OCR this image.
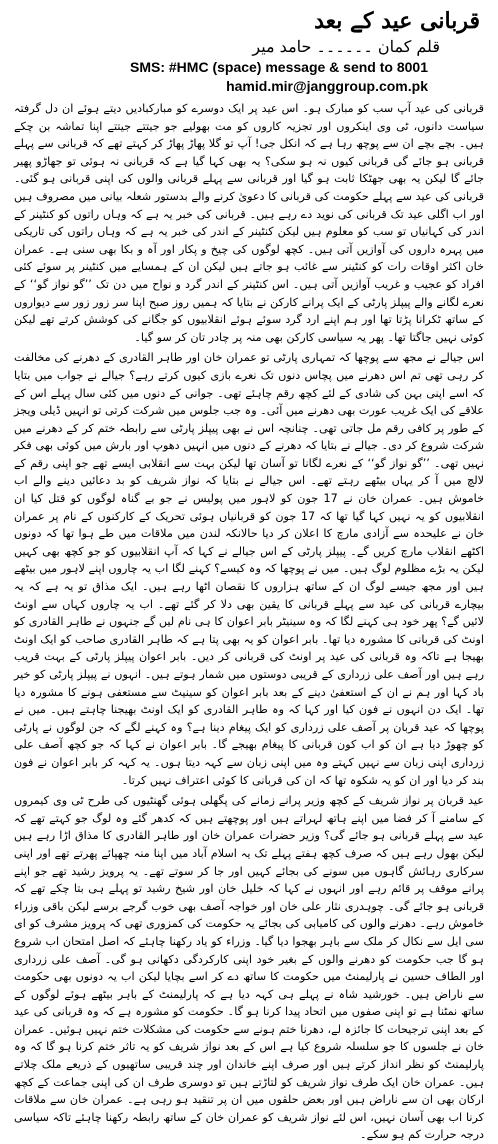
قربانی عید کے بعد
قلم کمان ۔۔۔۔۔۔ حامد میر
SMS: #HMC (space) message & send to 8001
hamid.mir@janggroup.com.pk

قربانی کی عید آپ سب کو مبارک ہو۔ اس عید پر ایک دوسرے کو مبارکبادیں دیتے ہوئے ان دل گرفتہ سیاست دانوں، ٹی وی اینکروں اور تجزیہ کاروں کو مت بھولیے جو جیتتے جیتتے اپنا تماشہ بن چکے ہیں۔ بچے بچے ان سے پوچھ رہا ہے کہ انکل جی! آپ تو گلا پھاڑ پھاڑ کر کہتے تھے کہ قربانی سے پہلے قربانی ہو جائے گی قربانی کیوں نہ ہو سکی؟ یہ بھی کہا گیا ہے کہ قربانی نہ ہوئی تو جھاڑو پھیر جائے گا لیکن یہ بھی جھٹکا ثابت ہو گیا اور قربانی سے پہلے قربانی والوں کی اپنی قربانی ہو گئی۔ قربانی کی عید سے پہلے حکومت کی قربانی کا دعویٰ کرنے والے بدستور شعلہ بیانی میں مصروف ہیں اور اب اگلی عید تک قربانی کی نوید دے رہے ہیں۔ قربانی کی خبر یہ ہے کہ وہاں راتوں کو کنٹینر کے اندر کی کہانیاں تو سب کو معلوم ہیں لیکن کنٹینر کے اندر کی خبر یہ ہے کہ وہاں راتوں کی تاریکی میں پہرہ داروں کی آوازیں آتی ہیں۔ کچھ لوگوں کی چیخ و پکار اور آہ و بکا بھی سنی ہے۔ عمران خان اکثر اوقات رات کو کنٹینر سے غائب ہو جاتے ہیں لیکن ان کے ہمسایے میں کنٹینر پر سوئے کئی افراد کو عجیب و غریب آوازیں آتی ہیں۔ اس کنٹینر کے اندر گرد و نواح میں دن تک ’’گو نواز گو‘‘ کے نعرے لگانے والے پیپلز پارٹی کے ایک پرانے کارکن نے بتایا کہ ہمیں روز صبح اپنا سر زور زور سے دیواروں کے ساتھ ٹکرانا پڑتا تھا اور ہم اپنے ارد گرد سوئے ہوئے انقلابیوں کو جگانے کی کوشش کرتے تھے لیکن کوئی نہیں جاگتا تھا۔ پھر یہ سیاسی کارکن بھی منہ پر چادر تان کر سو گیا۔

اس جیالے نے مجھ سے پوچھا کہ تمہاری پارٹی تو عمران خان اور طاہر القادری کے دھرنے کی مخالفت کر رہی تھی تم اس دھرنے میں پچاس دنوں تک نعرے بازی کیوں کرتے رہے؟ جیالے نے جواب میں بتایا کہ اسے اپنی بہن کی شادی کے لئے کچھ رقم چاہئے تھی۔ جوانی کے دنوں میں کئی سال پہلے اس کے علاقے کی ایک غریب عورت بھی دھرنے میں آئی۔ وہ جب جلوس میں شرکت کرتی تو انہیں ڈیلی ویجز کے طور پر کافی رقم مل جاتی تھی۔ چنانچہ اس نے بھی پیپلز پارٹی سے رابطہ ختم کر کے دھرنے میں شرکت شروع کر دی۔ جیالے نے بتایا کہ دھرنے کے دنوں میں انہیں دھوپ اور بارش میں کوئی بھی فکر نہیں تھی۔ ’’گو نواز گو‘‘ کے نعرے لگانا تو آسان تھا لیکن بہت سے انقلابی ایسے تھے جو اپنی رقم کے لالچ میں آ کر یہاں بیٹھے رہتے تھے۔ اس جیالے نے بتایا کہ نواز شریف کو بد دعائیں دینے والے اب خاموش ہیں۔ عمران خان نے 17 جون کو لاہور میں پولیس نے جو بے گناہ لوگوں کو قتل کیا ان انقلابیوں کو یہ نہیں کہا گیا تھا کہ 17 جون کو قربانیاں ہوئی تحریک کے کارکنوں کے نام پر عمران خان نے علیحدہ سے آزادی مارچ کا اعلان کر دیا حالانکہ لندن میں ملاقات میں طے ہوا تھا کہ دونوں اکٹھے انقلاب مارچ کریں گے۔ پیپلز پارٹی کے اس جیالے نے کہا کہ آپ انقلابیوں کو جو کچھ بھی کہیں لیکن یہ بڑے مظلوم لوگ ہیں۔ میں نے پوچھا کہ وہ کیسے؟ کہنے لگا اب یہ چاروں اپنے لاہور میں بیٹھے ہیں اور مجھ جیسے لوگ ان کے ساتھ ہزاروں کا نقصان اٹھا رہے ہیں۔ ایک مذاق تو یہ ہے کہ یہ بیچارے قربانی کی عید سے پہلے قربانی کا یقین بھی دلا کر گئے تھے۔ اب یہ چاروں کہاں سے اونٹ لائیں گے؟ پھر خود ہی کہنے لگا کہ وہ سینیٹر بابر اعوان کا ہی نام لیں گے جنہوں نے طاہر القادری کو اونٹ کی قربانی کا مشورہ دیا تھا۔ بابر اعوان کو یہ بھی پتا ہے کہ طاہر القادری صاحب کو ایک اونٹ بھیجا ہے تاکہ وہ قربانی کی عید پر اونٹ کی قربانی کر دیں۔ بابر اعوان پیپلز پارٹی کے بہت قریب رہے ہیں اور آصف علی زرداری کے قریبی دوستوں میں شمار ہوتے ہیں۔ انہوں نے پیپلز پارٹی کو خیر باد کہا اور ہم نے ان کے استعفیٰ دینے کے بعد بابر اعوان کو سینیٹ سے مستعفی ہونے کا مشورہ دیا تھا۔ ایک دن انہوں نے فون کیا اور کہا کہ وہ طاہر القادری کو ایک اونٹ بھیجنا چاہتے ہیں۔ میں نے پوچھا کہ عید قربان پر آصف علی زرداری کو ایک پیغام دینا ہے؟ وہ کہنے لگے کہ جن لوگوں نے پارٹی کو چھوڑ دیا ہے ان کو اب کون قربانی کا پیغام بھیجے گا۔ بابر اعوان نے کہا کہ جو کچھ آصف علی زرداری اپنی زبان سے نہیں کہتے وہ میں اپنی زبان سے کہہ دیتا ہوں۔ یہ کہہ کر بابر اعوان نے فون بند کر دیا اور ان کو یہ شکوہ تھا کہ ان کی قربانی کا کوئی اعتراف نہیں کرتا۔

عید قربان پر نواز شریف کے کچھ وزیر پرانے زمانے کی پگھلی ہوئی گھنٹیوں کی طرح ٹی وی کیمروں کے سامنے آ کر فضا میں اپنے ہاتھ لہراتے ہیں اور پوچھتے ہیں کہ کدھر گئے وہ لوگ جو کہتے تھے کہ عید سے پہلے قربانی ہو جائے گی؟ وزیر حضرات عمران خان اور طاہر القادری کا مذاق اڑا رہے ہیں لیکن بھول رہے ہیں کہ صرف کچھ ہفتے پہلے تک یہ اسلام آباد میں اپنا منہ چھپائے پھرتے تھے اور اپنی سرکاری رہائش گاہوں میں سونے کی بجائے کہیں اور جا کر سوتے تھے۔ یہ پرویز رشید تھے جو اپنے پرانے موقف پر قائم رہے اور انہوں نے کہا کہ خلیل خان اور شیخ رشید تو پہلے ہی بتا چکے تھے کہ قربانی ہو جائے گی۔ چوہدری نثار علی خان اور خواجہ آصف بھی خوب گرجے برسے لیکن باقی وزراء خاموش رہے۔ دھرنے والوں کی کامیابی کی بجائے یہ حکومت کی کمزوری تھی کہ پرویز مشرف کو ای سی ایل سے نکال کر ملک سے باہر بھجوا دیا گیا۔ وزراء کو یاد رکھنا چاہئے کہ اصل امتحان اب شروع ہو گا جب حکومت کو دھرنے والوں کے بغیر خود اپنی کارکردگی دکھانی ہو گی۔ آصف علی زرداری اور الطاف حسین نے پارلیمنٹ میں حکومت کا ساتھ دے کر اسے بچایا لیکن اب یہ دونوں بھی حکومت سے ناراض ہیں۔ خورشید شاہ نے پہلے ہی کہہ دیا ہے کہ پارلیمنٹ کے باہر بیٹھے ہوئے لوگوں کے ساتھ نمٹنا ہے تو اپنی صفوں میں اتحاد پیدا کرنا ہو گا۔ حکومت کو مشورہ ہے کہ وہ قربانی کی عید کے بعد اپنی ترجیحات کا جائزہ لے، دھرنا ختم ہونے سے حکومت کی مشکلات ختم نہیں ہوئیں۔ عمران خان نے جلسوں کا جو سلسلہ شروع کیا ہے اس کے بعد نواز شریف کو یہ تاثر ختم کرنا ہو گا کہ وہ پارلیمنٹ کو نظر انداز کرتے ہیں اور صرف اپنے خاندان اور چند قریبی ساتھیوں کے ذریعے ملک چلاتے ہیں۔ عمران خان ایک طرف نواز شریف کو لتاڑتے ہیں تو دوسری طرف ان کی اپنی جماعت کے کچھ ارکان بھی ان سے ناراض ہیں اور بعض حلقوں میں ان پر تنقید ہو رہی ہے۔ عمران خان سے ملاقات کرنا اب بھی آسان نہیں، اس لئے نواز شریف کو عمران خان کے ساتھ رابطہ رکھنا چاہئے تاکہ سیاسی درجہ حرارت کم ہو سکے۔
